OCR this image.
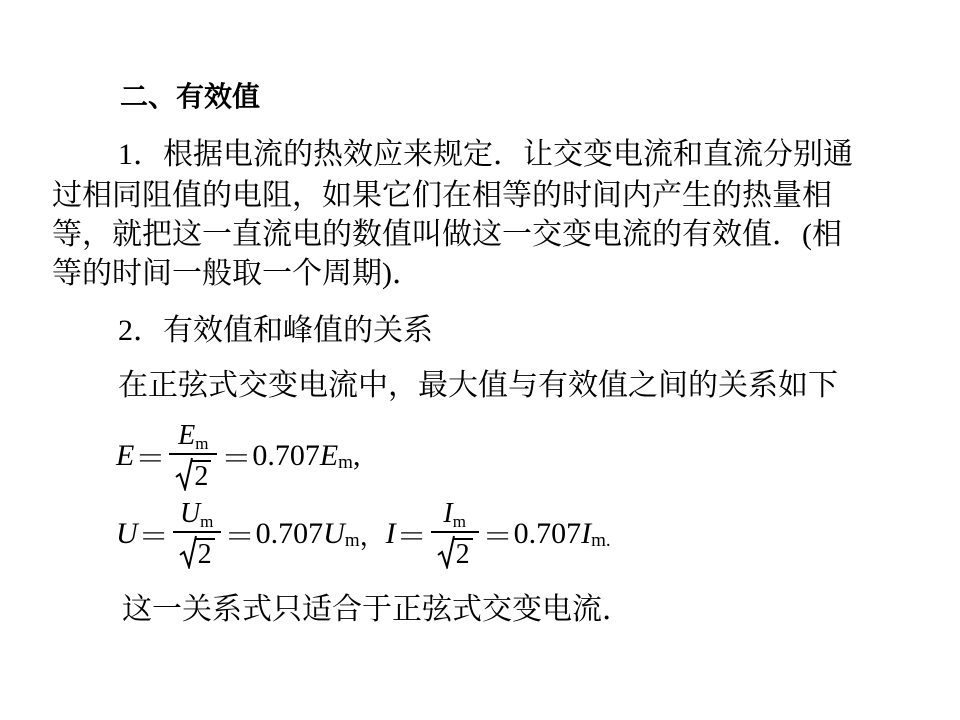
二、有效值
1．根据电流的热效应来规定．让交变电流和直流分别通
过相同阻值的电阻，如果它们在相等的时间内产生的热量相
等，就把这一直流电的数值叫做这一交变电流的有效值．(相
等的时间一般取一个周期)．
2．有效值和峰值的关系
在正弦式交变电流中，最大值与有效值之间的关系如下
$E = \frac{Em}{2} = 0.707$ E m ,
$U = \frac{Um}{2} = 0.707$ U m ， $I = \frac{Im}{2} = 0.707$ I m.
这一关系式只适合于正弦式交变电流．
